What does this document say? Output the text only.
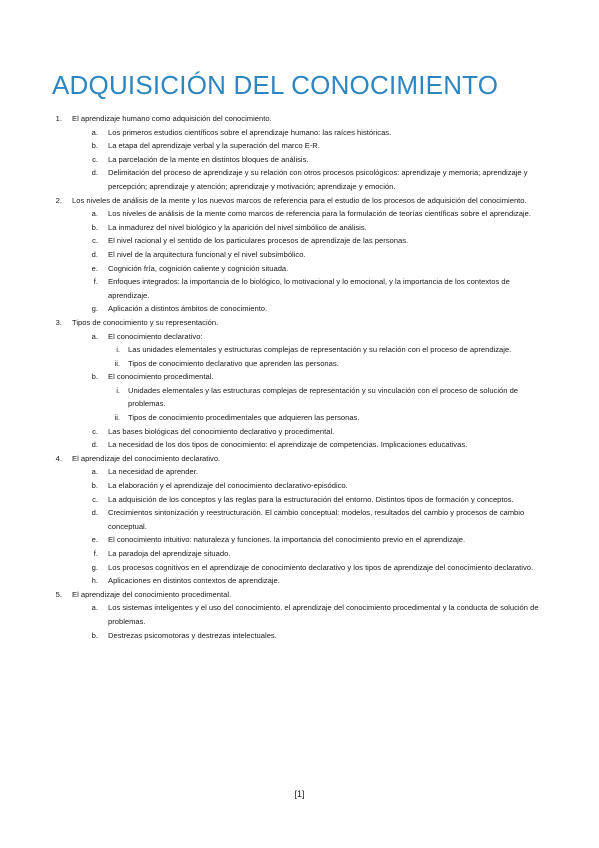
ADQUISICIÓN DEL CONOCIMIENTO
1. El aprendizaje humano como adquisición del conocimiento.
a. Los primeros estudios científicos sobre el aprendizaje humano: las raíces históricas.
b. La etapa del aprendizaje verbal y la superación del marco E-R.
c. La parcelación de la mente en distintos bloques de análisis.
d. Delimitación del proceso de aprendizaje y su relación con otros procesos psicológicos: aprendizaje y memoria; aprendizaje y percepción; aprendizaje y atención; aprendizaje y motivación; aprendizaje y emoción.
2. Los niveles de análisis de la mente y los nuevos marcos de referencia para el estudio de los procesos de adquisición del conocimiento.
a. Los niveles de análisis de la mente como marcos de referencia para la formulación de teorías científicas sobre el aprendizaje.
b. La inmadurez del nivel biológico y la aparición del nivel simbólico de análisis.
c. El nivel racional y el sentido de los particulares procesos de aprendizaje de las personas.
d. El nivel de la arquitectura funcional y el nivel subsimbólico.
e. Cognición fría, cognición caliente y cognición situada.
f. Enfoques integrados: la importancia de lo biológico, lo motivacional y lo emocional, y la importancia de los contextos de aprendizaje.
g. Aplicación a distintos ámbitos de conocimiento.
3. Tipos de conocimiento y su representación.
a. El conocimiento declarativo:
i. Las unidades elementales y estructuras complejas de representación y su relación con el proceso de aprendizaje.
ii. Tipos de conocimiento declarativo que aprenden las personas.
b. El conocimiento procedimental.
i. Unidades elementales y las estructuras complejas de representación y su vinculación con el proceso de solución de problemas.
ii. Tipos de conocimiento procedimentales que adquieren las personas.
c. Las bases biológicas del conocimiento declarativo y procedimental.
d. La necesidad de los dos tipos de conocimiento: el aprendizaje de competencias. Implicaciones educativas.
4. El aprendizaje del conocimiento declarativo.
a. La necesidad de aprender.
b. La elaboración y el aprendizaje del conocimiento declarativo-episódico.
c. La adquisición de los conceptos y las reglas para la estructuración del entorno. Distintos tipos de formación y conceptos.
d. Crecimientos sintonización y reestructuración. El cambio conceptual: modelos, resultados del cambio y procesos de cambio conceptual.
e. El conocimiento intuitivo: naturaleza y funciones. la importancia del conocimiento previo en el aprendizaje.
f. La paradoja del aprendizaje situado.
g. Los procesos cognitivos en el aprendizaje de conocimiento declarativo y los tipos de aprendizaje del conocimiento declarativo.
h. Aplicaciones en distintos contextos de aprendizaje.
5. El aprendizaje del conocimiento procedimental.
a. Los sistemas inteligentes y el uso del conocimiento. el aprendizaje del conocimiento procedimental y la conducta de solución de problemas.
b. Destrezas psicomotoras y destrezas intelectuales.
[1]
